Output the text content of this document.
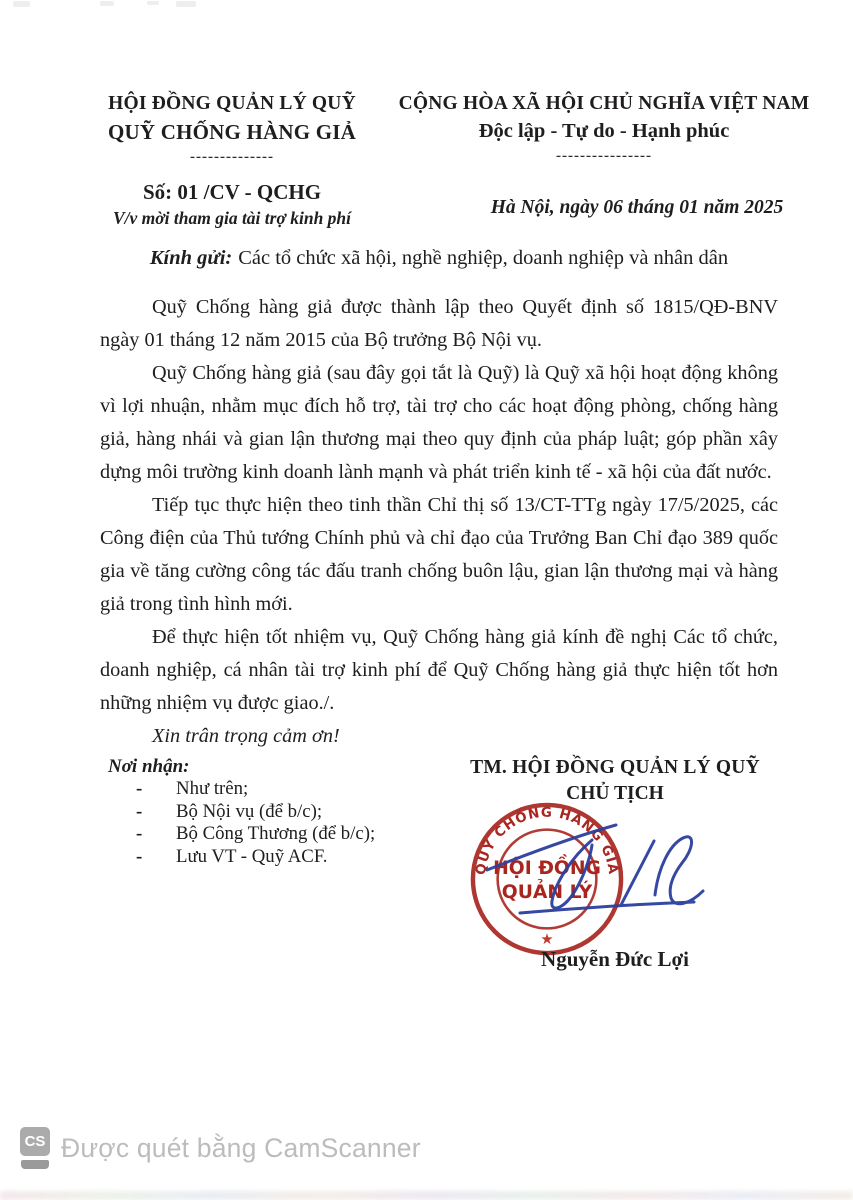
HỘI ĐỒNG QUẢN LÝ QUỸ
QUỸ CHỐNG HÀNG GIẢ
--------------
Số: 01 /CV - QCHG
V/v mời tham gia tài trợ kinh phí
CỘNG HÒA XÃ HỘI CHỦ NGHĨA VIỆT NAM
Độc lập - Tự do - Hạnh phúc
----------------
Hà Nội, ngày 06 tháng 01 năm 2025
Kính gửi: Các tổ chức xã hội, nghề nghiệp, doanh nghiệp và nhân dân

Quỹ Chống hàng giả được thành lập theo Quyết định số 1815/QĐ-BNV ngày 01 tháng 12 năm 2015 của Bộ trưởng Bộ Nội vụ.

Quỹ Chống hàng giả (sau đây gọi tắt là Quỹ) là Quỹ xã hội hoạt động không vì lợi nhuận, nhằm mục đích hỗ trợ, tài trợ cho các hoạt động phòng, chống hàng giả, hàng nhái và gian lận thương mại theo quy định của pháp luật; góp phần xây dựng môi trường kinh doanh lành mạnh và phát triển kinh tế - xã hội của đất nước.

Tiếp tục thực hiện theo tinh thần Chỉ thị số 13/CT-TTg ngày 17/5/2025, các Công điện của Thủ tướng Chính phủ và chỉ đạo của Trưởng Ban Chỉ đạo 389 quốc gia về tăng cường công tác đấu tranh chống buôn lậu, gian lận thương mại và hàng giả trong tình hình mới.

Để thực hiện tốt nhiệm vụ, Quỹ Chống hàng giả kính đề nghị Các tổ chức, doanh nghiệp, cá nhân tài trợ kinh phí để Quỹ Chống hàng giả thực hiện tốt hơn những nhiệm vụ được giao./.

Xin trân trọng cảm ơn!

Nơi nhận:
-	Như trên;
-	Bộ Nội vụ (để b/c);
-	Bộ Công Thương (để b/c);
-	Lưu VT - Quỹ ACF.
TM. HỘI ĐỒNG QUẢN LÝ QUỸ
CHỦ TỊCH
QUỸ CHỐNG HÀNG GIẢ
HỘI ĐỒNG
QUẢN LÝ
★
Nguyễn Đức Lợi
CS Được quét bằng CamScanner
